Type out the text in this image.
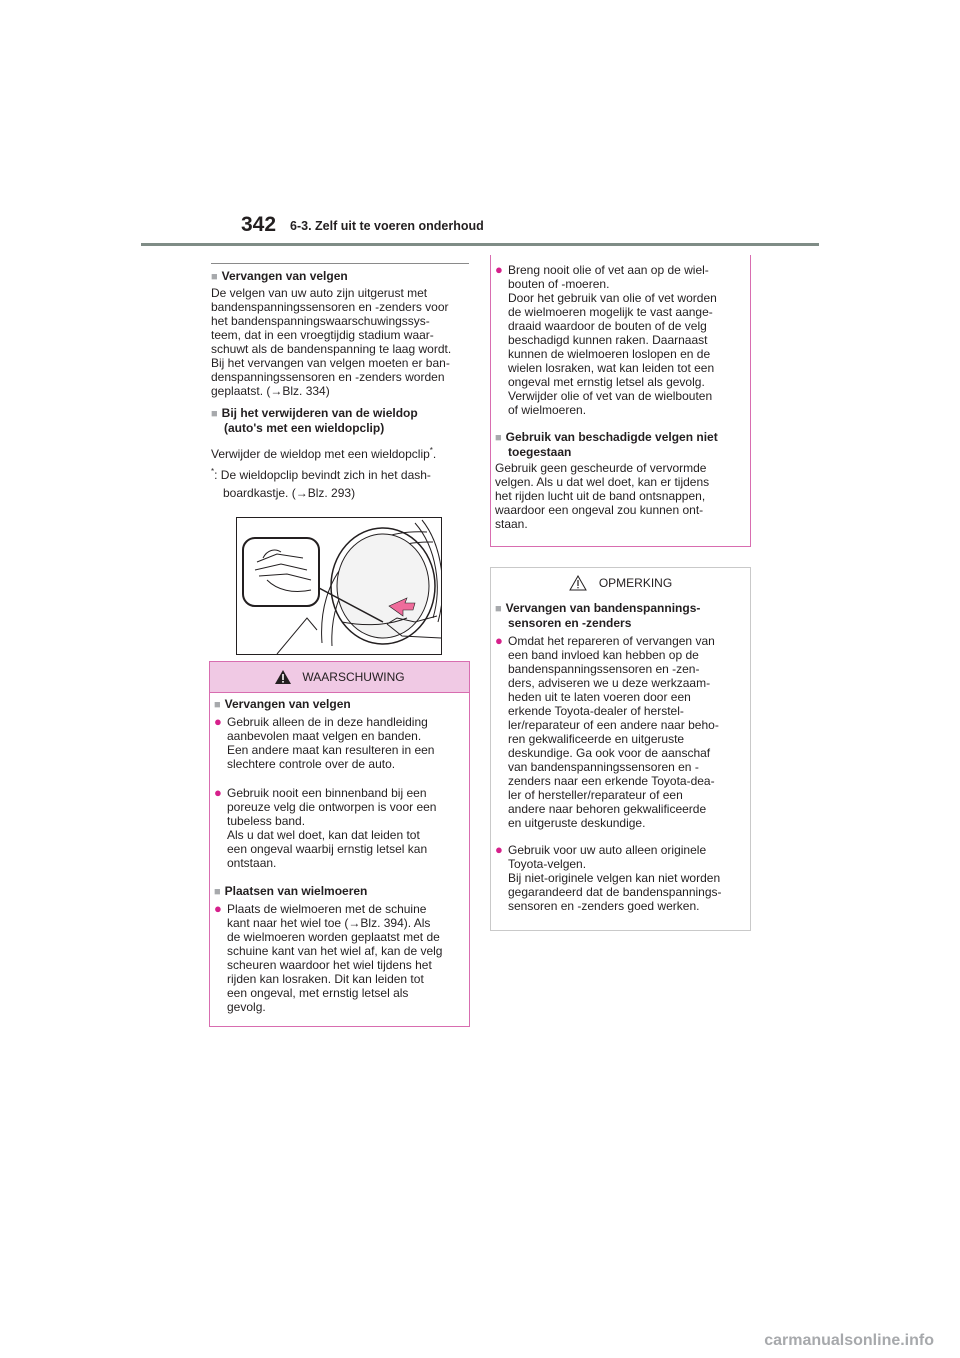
342 6-3. Zelf uit te voeren onderhoud

■ Vervangen van velgen

De velgen van uw auto zijn uitgerust met

bandenspanningssensoren en -zenders voor

het bandenspanningswaarschuwingssys-

teem, dat in een vroegtijdig stadium waar-

schuwt als de bandenspanning te laag wordt.

Bij het vervangen van velgen moeten er ban-

denspanningssensoren en -zenders worden

geplaatst. (→Blz. 334)

■ Bij het verwijderen van de wieldop

(auto's met een wieldopclip)

Verwijder de wieldop met een wieldopclip*.

*: De wieldopclip bevindt zich in het dash-

boardkastje. (→Blz. 293)

WAARSCHUWING

■ Vervangen van velgen

● Gebruik alleen de in deze handleiding

aanbevolen maat velgen en banden.

Een andere maat kan resulteren in een

slechtere controle over de auto.

● Gebruik nooit een binnenband bij een

poreuze velg die ontworpen is voor een

tubeless band.

Als u dat wel doet, kan dat leiden tot

een ongeval waarbij ernstig letsel kan

ontstaan.

■ Plaatsen van wielmoeren

● Plaats de wielmoeren met de schuine

kant naar het wiel toe (→Blz. 394). Als

de wielmoeren worden geplaatst met de

schuine kant van het wiel af, kan de velg

scheuren waardoor het wiel tijdens het

rijden kan losraken. Dit kan leiden tot

een ongeval, met ernstig letsel als

gevolg.

● Breng nooit olie of vet aan op de wiel-

bouten of -moeren.

Door het gebruik van olie of vet worden

de wielmoeren mogelijk te vast aange-

draaid waardoor de bouten of de velg

beschadigd kunnen raken. Daarnaast

kunnen de wielmoeren loslopen en de

wielen losraken, wat kan leiden tot een

ongeval met ernstig letsel als gevolg.

Verwijder olie of vet van de wielbouten

of wielmoeren.

■ Gebruik van beschadigde velgen niet

toegestaan

Gebruik geen gescheurde of vervormde

velgen. Als u dat wel doet, kan er tijdens

het rijden lucht uit de band ontsnappen,

waardoor een ongeval zou kunnen ont-

staan.

OPMERKING

■ Vervangen van bandenspannings-

sensoren en -zenders

● Omdat het repareren of vervangen van

een band invloed kan hebben op de

bandenspanningssensoren en -zen-

ders, adviseren we u deze werkzaam-

heden uit te laten voeren door een

erkende Toyota-dealer of herstel-

ler/reparateur of een andere naar beho-

ren gekwalificeerde en uitgeruste

deskundige. Ga ook voor de aanschaf

van bandenspanningssensoren en -

zenders naar een erkende Toyota-dea-

ler of hersteller/reparateur of een

andere naar behoren gekwalificeerde

en uitgeruste deskundige.

● Gebruik voor uw auto alleen originele

Toyota-velgen.

Bij niet-originele velgen kan niet worden

gegarandeerd dat de bandenspannings-

sensoren en -zenders goed werken.

carmanualsonline.info
